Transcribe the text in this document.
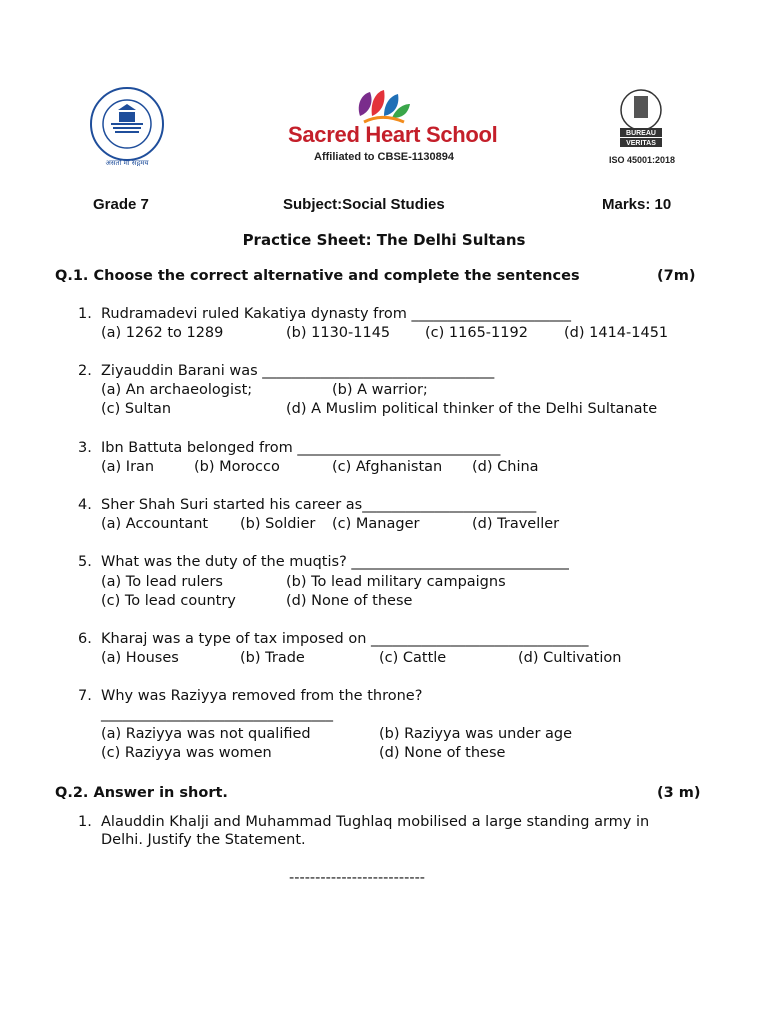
असतो मा सद्गमय
Sacred Heart School
Affiliated to CBSE-1130894
BUREAU
VERITAS
ISO 45001:2018
Grade 7	Subject:Social Studies	Marks: 10
Practice Sheet: The Delhi Sultans
Q.1. Choose the correct alternative and complete the sentences	(7m)
1. Rudramadevi ruled Kakatiya dynasty from ______________________
(a) 1262 to 1289	(b) 1130-1145 (c) 1165-1192 (d) 1414-1451
2. Ziyauddin Barani was ________________________________
(a) An archaeologist;	(b) A warrior;
(c) Sultan	(d) A Muslim political thinker of the Delhi Sultanate
3. Ibn Battuta belonged from ____________________________
(a) Iran	(b) Morocco	(c) Afghanistan (d) China
4. Sher Shah Suri started his career as________________________
(a) Accountant (b) Soldier (c) Manager	(d) Traveller
5. What was the duty of the muqtis? ______________________________
(a) To lead rulers	(b) To lead military campaigns
(c) To lead country	(d) None of these
6. Kharaj was a type of tax imposed on ______________________________
(a) Houses	(b) Trade	(c) Cattle	(d) Cultivation
7. Why was Raziyya removed from the throne?
________________________________
(a) Raziyya was not qualified	(b) Raziyya was under age
(c) Raziyya was women	(d) None of these
Q.2. Answer in short.	(3 m)
1. Alauddin Khalji and Muhammad Tughlaq mobilised a large standing army in
Delhi. Justify the Statement.
--------------------------
